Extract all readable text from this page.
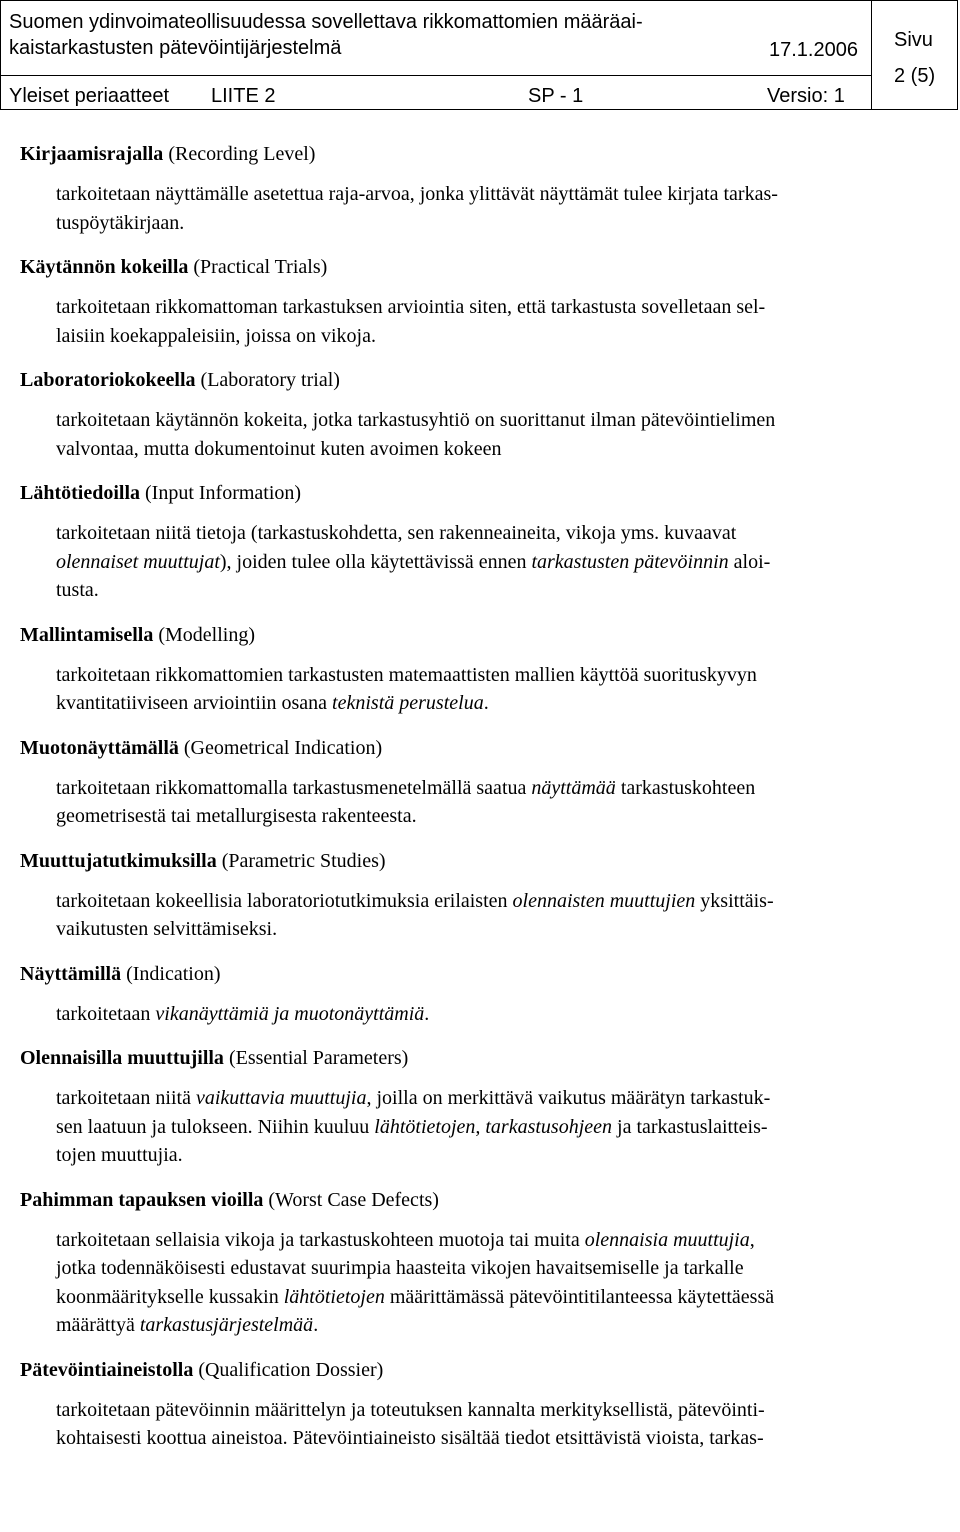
Suomen ydinvoimateollisuudessa sovellettava rikkomattomien määräai-
kaistarkastusten pätevöintijärjestelmä	17.1.2006 Sivu
2 (5)
Yleiset periaatteet LIITE 2	SP - 1	Versio: 1

Kirjaamisrajalla (Recording Level)

tarkoitetaan näyttämälle asetettua raja-arvoa, jonka ylittävät näyttämät tulee kirjata tarkas-
tuspöytäkirjaan.

Käytännön kokeilla (Practical Trials)

tarkoitetaan rikkomattoman tarkastuksen arviointia siten, että tarkastusta sovelletaan sel-
laisiin koekappaleisiin, joissa on vikoja.

Laboratoriokokeella (Laboratory trial)

tarkoitetaan käytännön kokeita, jotka tarkastusyhtiö on suorittanut ilman pätevöintielimen
valvontaa, mutta dokumentoinut kuten avoimen kokeen

Lähtötiedoilla (Input Information)

tarkoitetaan niitä tietoja (tarkastuskohdetta, sen rakenneaineita, vikoja yms. kuvaavat
olennaiset muuttujat), joiden tulee olla käytettävissä ennen tarkastusten pätevöinnin aloi-
tusta.

Mallintamisella (Modelling)

tarkoitetaan rikkomattomien tarkastusten matemaattisten mallien käyttöä suorituskyvyn
kvantitatiiviseen arviointiin osana teknistä perustelua.

Muotonäyttämällä (Geometrical Indication)

tarkoitetaan rikkomattomalla tarkastusmenetelmällä saatua näyttämää tarkastuskohteen
geometrisestä tai metallurgisesta rakenteesta.

Muuttujatutkimuksilla (Parametric Studies)

tarkoitetaan kokeellisia laboratoriotutkimuksia erilaisten olennaisten muuttujien yksittäis-
vaikutusten selvittämiseksi.

Näyttämillä (Indication)

tarkoitetaan vikanäyttämiä ja muotonäyttämiä.

Olennaisilla muuttujilla (Essential Parameters)

tarkoitetaan niitä vaikuttavia muuttujia, joilla on merkittävä vaikutus määrätyn tarkastuk-
sen laatuun ja tulokseen. Niihin kuuluu lähtötietojen, tarkastusohjeen ja tarkastuslaitteis-
tojen muuttujia.

Pahimman tapauksen vioilla (Worst Case Defects)

tarkoitetaan sellaisia vikoja ja tarkastuskohteen muotoja tai muita olennaisia muuttujia,
jotka todennäköisesti edustavat suurimpia haasteita vikojen havaitsemiselle ja tarkalle
koonmääritykselle kussakin lähtötietojen määrittämässä pätevöintitilanteessa käytettäessä
määrättyä tarkastusjärjestelmää.

Pätevöintiaineistolla (Qualification Dossier)

tarkoitetaan pätevöinnin määrittelyn ja toteutuksen kannalta merkityksellistä, pätevöinti-
kohtaisesti koottua aineistoa. Pätevöintiaineisto sisältää tiedot etsittävistä vioista, tarkas-
